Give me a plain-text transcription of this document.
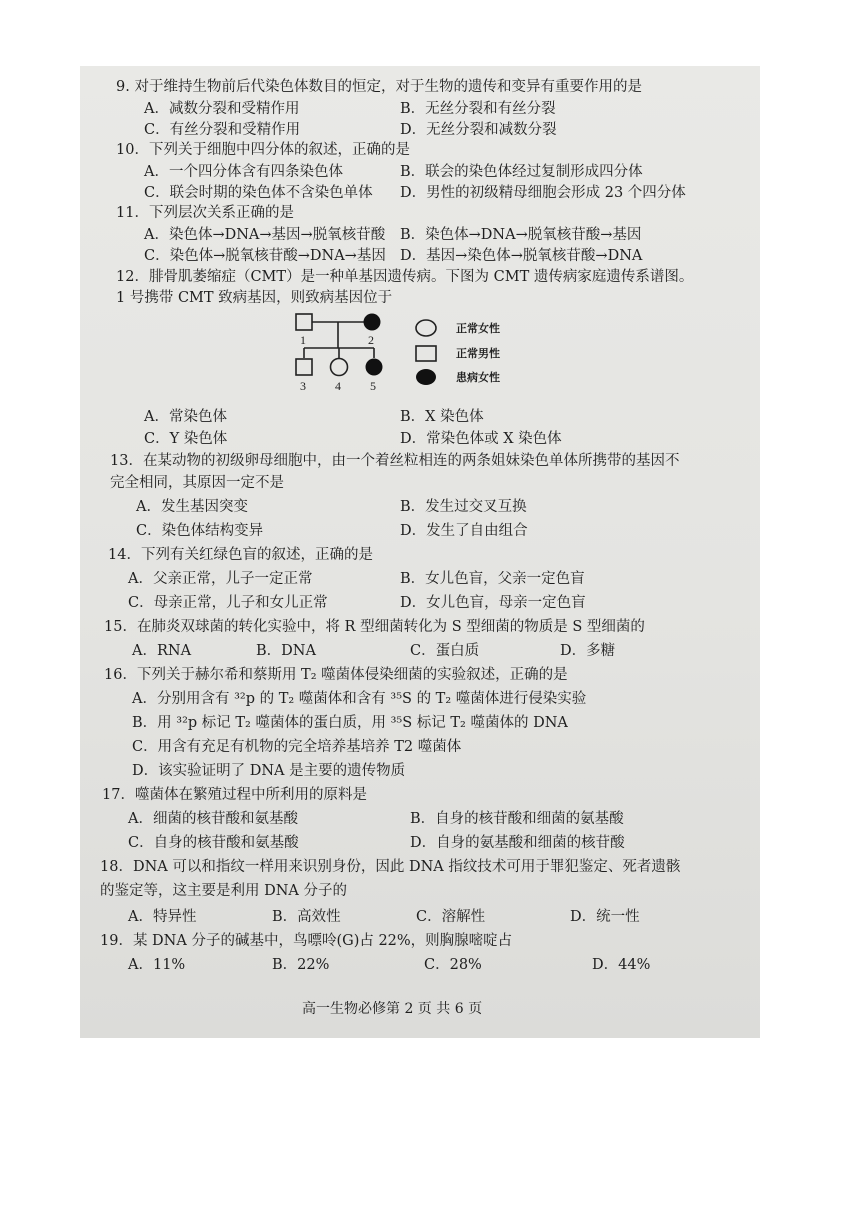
9. 对于维持生物前后代染色体数目的恒定，对于生物的遗传和变异有重要作用的是
A．减数分裂和受精作用	B．无丝分裂和有丝分裂
C．有丝分裂和受精作用	D．无丝分裂和减数分裂
10．下列关于细胞中四分体的叙述，正确的是
A．一个四分体含有四条染色体	B．联会的染色体经过复制形成四分体
C．联会时期的染色体不含染色单体 D．男性的初级精母细胞会形成 23 个四分体
11．下列层次关系正确的是
A．染色体→DNA→基因→脱氧核苷酸 B．染色体→DNA→脱氧核苷酸→基因
C．染色体→脱氧核苷酸→DNA→基因 D．基因→染色体→脱氧核苷酸→DNA
12．腓骨肌萎缩症（CMT）是一种单基因遗传病。下图为 CMT 遗传病家庭遗传系谱图。
1 号携带 CMT 致病基因，则致病基因位于
1	2
3 4 5
正常女性
正常男性
患病女性
A．常染色体	B．X 染色体
C．Y 染色体	D．常染色体或 X 染色体
13．在某动物的初级卵母细胞中，由一个着丝粒相连的两条姐妹染色单体所携带的基因不
完全相同，其原因一定不是
A．发生基因突变	B．发生过交叉互换
C．染色体结构变异	D．发生了自由组合
14．下列有关红绿色盲的叙述，正确的是
A．父亲正常，儿子一定正常	B．女儿色盲，父亲一定色盲
C．母亲正常，儿子和女儿正常	D．女儿色盲，母亲一定色盲
15．在肺炎双球菌的转化实验中，将 R 型细菌转化为 S 型细菌的物质是 S 型细菌的
A．RNA	B．DNA	C．蛋白质	D．多糖
16．下列关于赫尔希和蔡斯用 T₂ 噬菌体侵染细菌的实验叙述，正确的是
A．分别用含有 ³²p 的 T₂ 噬菌体和含有 ³⁵S 的 T₂ 噬菌体进行侵染实验
B．用 ³²p 标记 T₂ 噬菌体的蛋白质，用 ³⁵S 标记 T₂ 噬菌体的 DNA
C．用含有充足有机物的完全培养基培养 T2 噬菌体
D．该实验证明了 DNA 是主要的遗传物质
17．噬菌体在繁殖过程中所利用的原料是
A．细菌的核苷酸和氨基酸	B．自身的核苷酸和细菌的氨基酸
C．自身的核苷酸和氨基酸	D．自身的氨基酸和细菌的核苷酸
18．DNA 可以和指纹一样用来识别身份，因此 DNA 指纹技术可用于罪犯鉴定、死者遗骸
的鉴定等，这主要是利用 DNA 分子的
A．特异性	B．高效性	C．溶解性	D．统一性
19．某 DNA 分子的碱基中，鸟嘌呤(G)占 22%，则胸腺嘧啶占
A．11%	B．22%	C．28%	D．44%
高一生物必修第 2 页 共 6 页
